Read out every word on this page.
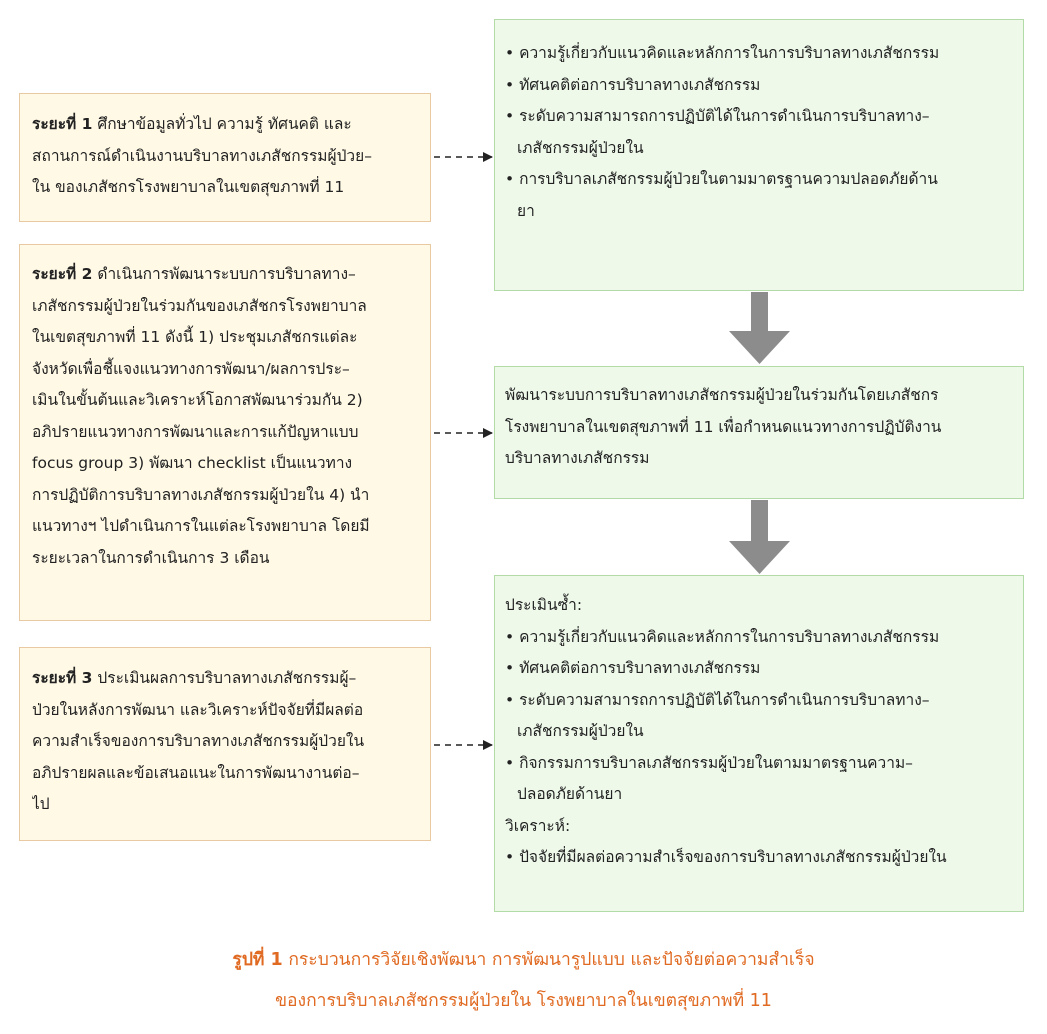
ระยะที่ 1 ศึกษาข้อมูลทั่วไป ความรู้ ทัศนคติ และ
สถานการณ์ดำเนินงานบริบาลทางเภสัชกรรมผู้ป่วย–
ใน ของเภสัชกรโรงพยาบาลในเขตสุขภาพที่ 11
ระยะที่ 2 ดำเนินการพัฒนาระบบการบริบาลทาง–
เภสัชกรรมผู้ป่วยในร่วมกันของเภสัชกรโรงพยาบาล
ในเขตสุขภาพที่ 11 ดังนี้ 1) ประชุมเภสัชกรแต่ละ
จังหวัดเพื่อชี้แจงแนวทางการพัฒนา/ผลการประ–
เมินในขั้นต้นและวิเคราะห์โอกาสพัฒนาร่วมกัน 2)
อภิปรายแนวทางการพัฒนาและการแก้ปัญหาแบบ
focus group 3) พัฒนา checklist เป็นแนวทาง
การปฏิบัติการบริบาลทางเภสัชกรรมผู้ป่วยใน 4) นำ
แนวทางฯ ไปดำเนินการในแต่ละโรงพยาบาล โดยมี
ระยะเวลาในการดำเนินการ 3 เดือน
ระยะที่ 3 ประเมินผลการบริบาลทางเภสัชกรรมผู้–
ป่วยในหลังการพัฒนา และวิเคราะห์ปัจจัยที่มีผลต่อ
ความสำเร็จของการบริบาลทางเภสัชกรรมผู้ป่วยใน
อภิปรายผลและข้อเสนอแนะในการพัฒนางานต่อ–
ไป
• ความรู้เกี่ยวกับแนวคิดและหลักการในการบริบาลทางเภสัชกรรม
• ทัศนคติต่อการบริบาลทางเภสัชกรรม
• ระดับความสามารถการปฏิบัติได้ในการดำเนินการบริบาลทาง–
เภสัชกรรมผู้ป่วยใน
• การบริบาลเภสัชกรรมผู้ป่วยในตามมาตรฐานความปลอดภัยด้าน
ยา
พัฒนาระบบการบริบาลทางเภสัชกรรมผู้ป่วยในร่วมกันโดยเภสัชกร
โรงพยาบาลในเขตสุขภาพที่ 11 เพื่อกำหนดแนวทางการปฏิบัติงาน
บริบาลทางเภสัชกรรม
ประเมินซ้ำ:
• ความรู้เกี่ยวกับแนวคิดและหลักการในการบริบาลทางเภสัชกรรม
• ทัศนคติต่อการบริบาลทางเภสัชกรรม
• ระดับความสามารถการปฏิบัติได้ในการดำเนินการบริบาลทาง–
เภสัชกรรมผู้ป่วยใน
• กิจกรรมการบริบาลเภสัชกรรมผู้ป่วยในตามมาตรฐานความ–
ปลอดภัยด้านยา
วิเคราะห์:
• ปัจจัยที่มีผลต่อความสำเร็จของการบริบาลทางเภสัชกรรมผู้ป่วยใน
รูปที่ 1 กระบวนการวิจัยเชิงพัฒนา การพัฒนารูปแบบ และปัจจัยต่อความสำเร็จ
ของการบริบาลเภสัชกรรมผู้ป่วยใน โรงพยาบาลในเขตสุขภาพที่ 11
